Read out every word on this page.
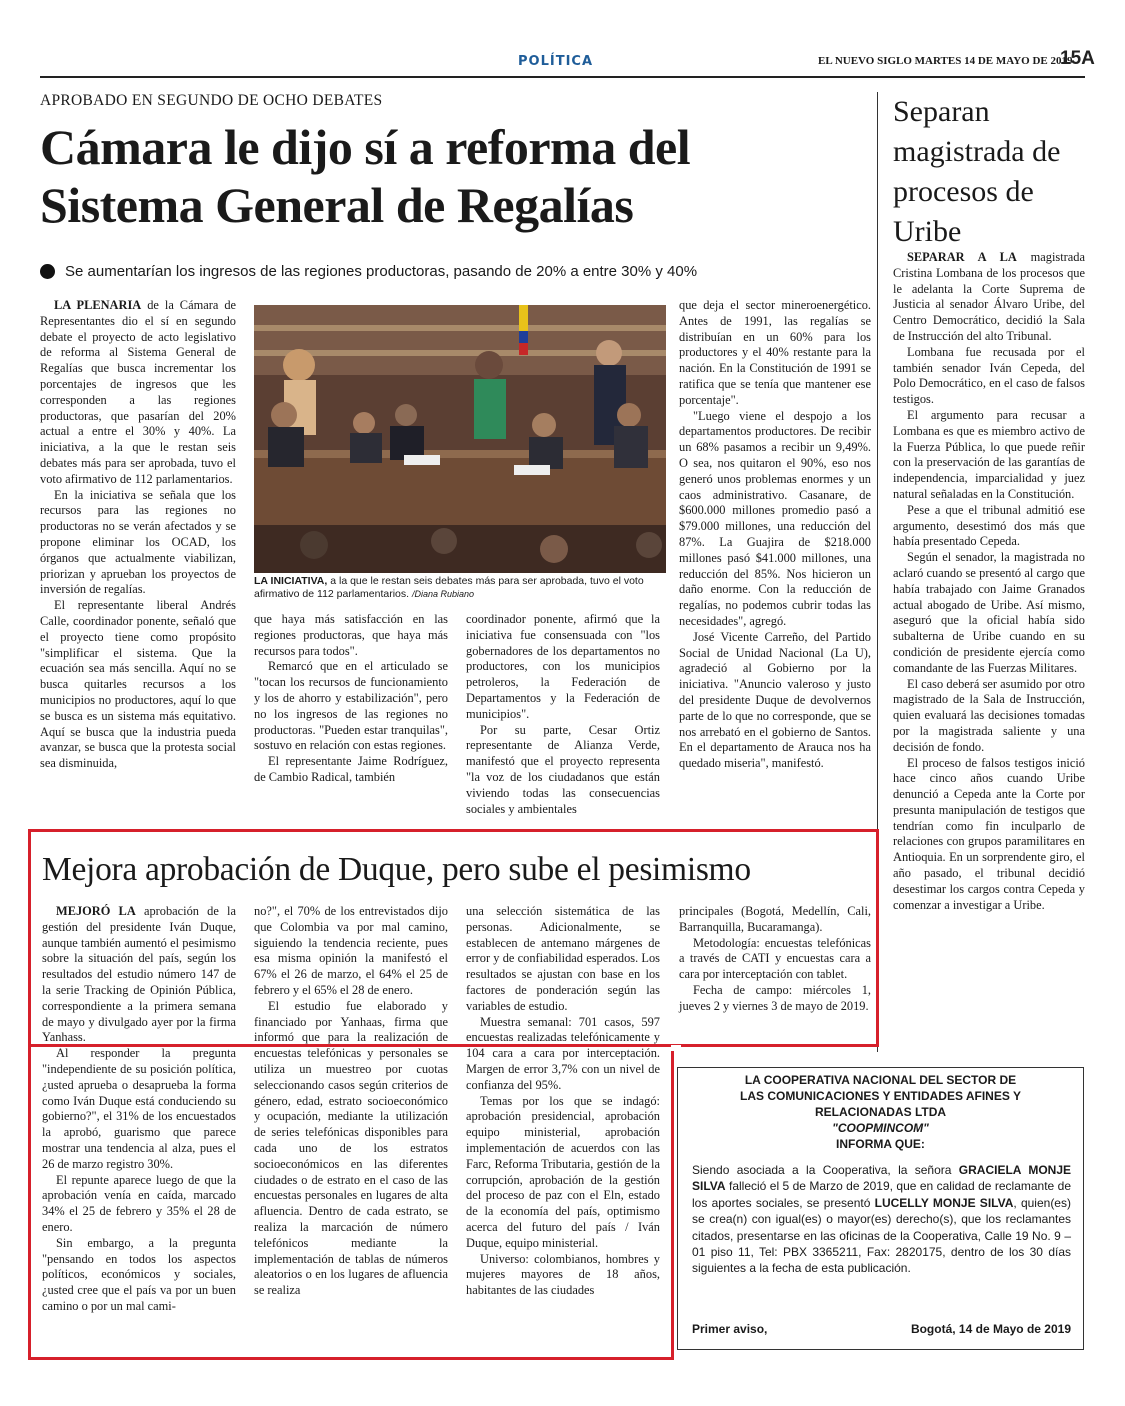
POLÍTICA	EL NUEVO SIGLO MARTES 14 DE MAYO DE 2019
15A
APROBADO EN SEGUNDO DE OCHO DEBATES
Cámara le dijo sí a reforma del Sistema General de Regalías
Se aumentarían los ingresos de las regiones productoras, pasando de 20% a entre 30% y 40%

LA PLENARIA de la Cámara de Representantes dio el sí en segundo debate el proyecto de acto legislativo de reforma al Sistema General de Regalías que busca incrementar los porcentajes de ingresos que les corresponden a las regiones productoras, que pasarían del 20% actual a entre el 30% y 40%. La iniciativa, a la que le restan seis debates más para ser aprobada, tuvo el voto afirmativo de 112 parlamentarios.

En la iniciativa se señala que los recursos para las regiones no productoras no se verán afectados y se propone eliminar los OCAD, los órganos que actualmente viabilizan, priorizan y aprueban los proyectos de inversión de regalías.

El representante liberal Andrés Calle, coordinador ponente, señaló que el proyecto tiene como propósito "simplificar el sistema. Que la ecuación sea más sencilla. Aquí no se busca quitarles recursos a los municipios no productores, aquí lo que se busca es un sistema más equitativo. Aquí se busca que la industria pueda avanzar, se busca que la protesta social sea disminuida,

LA INICIATIVA, a la que le restan seis debates más para ser aprobada, tuvo el voto afirmativo de 112 parlamentarios. /Diana Rubiano

que haya más satisfacción en las regiones productoras, que haya más recursos para todos".

Remarcó que en el articulado se "tocan los recursos de funcionamiento y los de ahorro y estabilización", pero no los ingresos de las regiones no productoras. "Pueden estar tranquilas", sostuvo en relación con estas regiones.

El representante Jaime Rodríguez, de Cambio Radical, también

coordinador ponente, afirmó que la iniciativa fue consensuada con "los gobernadores de los departamentos no productores, con los municipios petroleros, la Federación de Departamentos y la Federación de municipios".

Por su parte, Cesar Ortiz representante de Alianza Verde, manifestó que el proyecto representa "la voz de los ciudadanos que están viviendo todas las consecuencias sociales y ambientales

que deja el sector mineroenergético. Antes de 1991, las regalías se distribuían en un 60% para los productores y el 40% restante para la nación. En la Constitución de 1991 se ratifica que se tenía que mantener ese porcentaje".

"Luego viene el despojo a los departamentos productores. De recibir un 68% pasamos a recibir un 9,49%. O sea, nos quitaron el 90%, eso nos generó unos problemas enormes y un caos administrativo. Casanare, de $600.000 millones promedio pasó a $79.000 millones, una reducción del 87%. La Guajira de $218.000 millones pasó $41.000 millones, una reducción del 85%. Nos hicieron un daño enorme. Con la reducción de regalías, no podemos cubrir todas las necesidades", agregó.

José Vicente Carreño, del Partido Social de Unidad Nacional (La U), agradeció al Gobierno por la iniciativa. "Anuncio valeroso y justo del presidente Duque de devolvernos parte de lo que no corresponde, que se nos arrebató en el gobierno de Santos. En el departamento de Arauca nos ha quedado miseria", manifestó.

Separan magistrada de procesos de Uribe

SEPARAR A LA magistrada Cristina Lombana de los procesos que le adelanta la Corte Suprema de Justicia al senador Álvaro Uribe, del Centro Democrático, decidió la Sala de Instrucción del alto Tribunal.

Lombana fue recusada por el también senador Iván Cepeda, del Polo Democrático, en el caso de falsos testigos.

El argumento para recusar a Lombana es que es miembro activo de la Fuerza Pública, lo que puede reñir con la preservación de las garantías de independencia, imparcialidad y juez natural señaladas en la Constitución.

Pese a que el tribunal admitió ese argumento, desestimó dos más que había presentado Cepeda.

Según el senador, la magistrada no aclaró cuando se presentó al cargo que había trabajado con Jaime Granados actual abogado de Uribe. Así mismo, aseguró que la oficial había sido subalterna de Uribe cuando en su condición de presidente ejercía como comandante de las Fuerzas Militares.

El caso deberá ser asumido por otro magistrado de la Sala de Instrucción, quien evaluará las decisiones tomadas por la magistrada saliente y una decisión de fondo.

El proceso de falsos testigos inició hace cinco años cuando Uribe denunció a Cepeda ante la Corte por presunta manipulación de testigos que tendrían como fin inculparlo de relaciones con grupos paramilitares en Antioquia. En un sorprendente giro, el año pasado, el tribunal decidió desestimar los cargos contra Cepeda y comenzar a investigar a Uribe.

Mejora aprobación de Duque, pero sube el pesimismo

MEJORÓ LA aprobación de la gestión del presidente Iván Duque, aunque también aumentó el pesimismo sobre la situación del país, según los resultados del estudio número 147 de la serie Tracking de Opinión Pública, correspondiente a la primera semana de mayo y divulgado ayer por la firma Yanhass.

Al responder la pregunta "independiente de su posición política, ¿usted aprueba o desaprueba la forma como Iván Duque está conduciendo su gobierno?", el 31% de los encuestados la aprobó, guarismo que parece mostrar una tendencia al alza, pues el 26 de marzo registro 30%.

El repunte aparece luego de que la aprobación venía en caída, marcado 34% el 25 de febrero y 35% el 28 de enero.

Sin embargo, a la pregunta "pensando en todos los aspectos políticos, económicos y sociales, ¿usted cree que el país va por un buen camino o por un mal cami-

no?", el 70% de los entrevistados dijo que Colombia va por mal camino, siguiendo la tendencia reciente, pues esa misma opinión la manifestó el 67% el 26 de marzo, el 64% el 25 de febrero y el 65% el 28 de enero.

El estudio fue elaborado y financiado por Yanhaas, firma que informó que para la realización de encuestas telefónicas y personales se utiliza un muestreo por cuotas seleccionando casos según criterios de género, edad, estrato socioeconómico y ocupación, mediante la utilización de series telefónicas disponibles para cada uno de los estratos socioeconómicos en las diferentes ciudades o de estrato en el caso de las encuestas personales en lugares de alta afluencia. Dentro de cada estrato, se realiza la marcación de número telefónicos mediante la implementación de tablas de números aleatorios o en los lugares de afluencia se realiza

una selección sistemática de las personas. Adicionalmente, se establecen de antemano márgenes de error y de confiabilidad esperados. Los resultados se ajustan con base en los factores de ponderación según las variables de estudio.

Muestra semanal: 701 casos, 597 encuestas realizadas telefónicamente y 104 cara a cara por interceptación. Margen de error 3,7% con un nivel de confianza del 95%.

Temas por los que se indagó: aprobación presidencial, aprobación equipo ministerial, aprobación implementación de acuerdos con las Farc, Reforma Tributaria, gestión de la corrupción, aprobación de la gestión del proceso de paz con el Eln, estado de la economía del país, optimismo acerca del futuro del país / Iván Duque, equipo ministerial.

Universo: colombianos, hombres y mujeres mayores de 18 años, habitantes de las ciudades

principales (Bogotá, Medellín, Cali, Barranquilla, Bucaramanga).

Metodología: encuestas telefónicas a través de CATI y encuestas cara a cara por interceptación con tablet.

Fecha de campo: miércoles 1, jueves 2 y viernes 3 de mayo de 2019.

LA COOPERATIVA NACIONAL DEL SECTOR DE
LAS COMUNICACIONES Y ENTIDADES AFINES Y
RELACIONADAS LTDA
"COOPMINCOM"
INFORMA QUE:
Siendo asociada a la Cooperativa, la señora GRACIELA MONJE SILVA falleció el 5 de Marzo de 2019, que en calidad de reclamante de los aportes sociales, se presentó LUCELLY MONJE SILVA, quien(es) se crea(n) con igual(es) o mayor(es) derecho(s), que los reclamantes citados, presentarse en las oficinas de la Cooperativa, Calle 19 No. 9 – 01 piso 11, Tel: PBX 3365211, Fax: 2820175, dentro de los 30 días siguientes a la fecha de esta publicación.
Primer aviso,	Bogotá, 14 de Mayo de 2019
